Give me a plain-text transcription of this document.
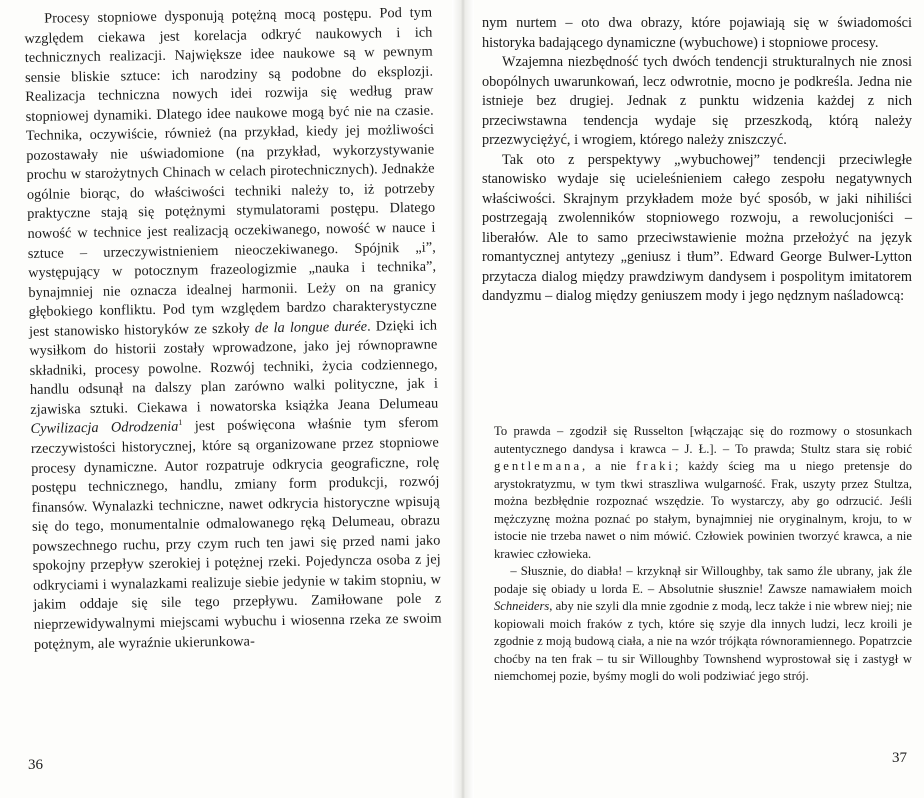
Procesy stopniowe dysponują potężną mocą postępu. Pod tym względem ciekawa jest korelacja odkryć naukowych i ich technicznych realizacji. Największe idee naukowe są w pewnym sensie bliskie sztuce: ich narodziny są podobne do eksplozji. Realizacja techniczna nowych idei rozwija się według praw stopniowej dynamiki. Dlatego idee naukowe mogą być nie na czasie. Technika, oczywiście, również (na przykład, kiedy jej możliwości pozostawały nie uświadomione (na przykład, wykorzystywanie prochu w starożytnych Chinach w celach pirotechnicznych). Jednakże ogólnie biorąc, do właściwości techniki należy to, iż potrzeby praktyczne stają się potężnymi stymulatorami postępu. Dlatego nowość w technice jest realizacją oczekiwanego, nowość w nauce i sztuce – urzeczywistnieniem nieoczekiwanego. Spójnik „i”, występujący w potocznym frazeologizmie „nauka i technika”, bynajmniej nie oznacza idealnej harmonii. Leży on na granicy głębokiego konfliktu. Pod tym względem bardzo charakterystyczne jest stanowisko historyków ze szkoły de la longue durée. Dzięki ich wysiłkom do historii zostały wprowadzone, jako jej równoprawne składniki, procesy powolne. Rozwój techniki, życia codziennego, handlu odsunął na dalszy plan zarówno walki polityczne, jak i zjawiska sztuki. Ciekawa i nowatorska książka Jeana Delumeau Cywilizacja Odrodzenia$^1$ jest poświęcona właśnie tym sferom rzeczywistości historycznej, które są organizowane przez stopniowe procesy dynamiczne. Autor rozpatruje odkrycia geograficzne, rolę postępu technicznego, handlu, zmiany form produkcji, rozwój finansów. Wynalazki techniczne, nawet odkrycia historyczne wpisują się do tego, monumentalnie odmalowanego ręką Delumeau, obrazu powszechnego ruchu, przy czym ruch ten jawi się przed nami jako spokojny przepływ szerokiej i potężnej rzeki. Pojedyncza osoba z jej odkryciami i wynalazkami realizuje siebie jedynie w takim stopniu, w jakim oddaje się sile tego przepływu. Zamiłowane pole z nieprzewidywalnymi miejscami wybuchu i wiosenna rzeka ze swoim potężnym, ale wyraźnie ukierunkowa-

36

nym nurtem – oto dwa obrazy, które pojawiają się w świadomości historyka badającego dynamiczne (wybuchowe) i stopniowe procesy.

Wzajemna niezbędność tych dwóch tendencji strukturalnych nie znosi obopólnych uwarunkowań, lecz odwrotnie, mocno je podkreśla. Jedna nie istnieje bez drugiej. Jednak z punktu widzenia każdej z nich przeciwstawna tendencja wydaje się przeszkodą, którą należy przezwyciężyć, i wrogiem, którego należy zniszczyć.

Tak oto z perspektywy „wybuchowej” tendencji przeciwległe stanowisko wydaje się ucieleśnieniem całego zespołu negatywnych właściwości. Skrajnym przykładem może być sposób, w jaki nihiliści postrzegają zwolenników stopniowego rozwoju, a rewolucjoniści – liberałów. Ale to samo przeciwstawienie można przełożyć na język romantycznej antytezy „geniusz i tłum”. Edward George Bulwer-Lytton przytacza dialog między prawdziwym dandysem i pospolitym imitatorem dandyzmu – dialog między geniuszem mody i jego nędznym naśladowcą:

To prawda – zgodził się Russelton [włączając się do rozmowy o stosunkach autentycznego dandysa i krawca – J. Ł.]. – To prawda; Stultz stara się robić gentlemana, a nie fraki; każdy ścieg ma u niego pretensje do arystokratyzmu, w tym tkwi straszliwa wulgarność. Frak, uszyty przez Stultza, można bezbłędnie rozpoznać wszędzie. To wystarczy, aby go odrzucić. Jeśli mężczyznę można poznać po stałym, bynajmniej nie oryginalnym, kroju, to w istocie nie trzeba nawet o nim mówić. Człowiek powinien tworzyć krawca, a nie krawiec człowieka.

– Słusznie, do diabła! – krzyknął sir Willoughby, tak samo źle ubrany, jak źle podaje się obiady u lorda E. – Absolutnie słusznie! Zawsze namawiałem moich Schneiders, aby nie szyli dla mnie zgodnie z modą, lecz także i nie wbrew niej; nie kopiowali moich fraków z tych, które się szyje dla innych ludzi, lecz kroili je zgodnie z moją budową ciała, a nie na wzór trójkąta równoramiennego. Popatrzcie choćby na ten frak – tu sir Willoughby Townshend wyprostował się i zastygł w niemchomej pozie, byśmy mogli do woli podziwiać jego strój.

37
